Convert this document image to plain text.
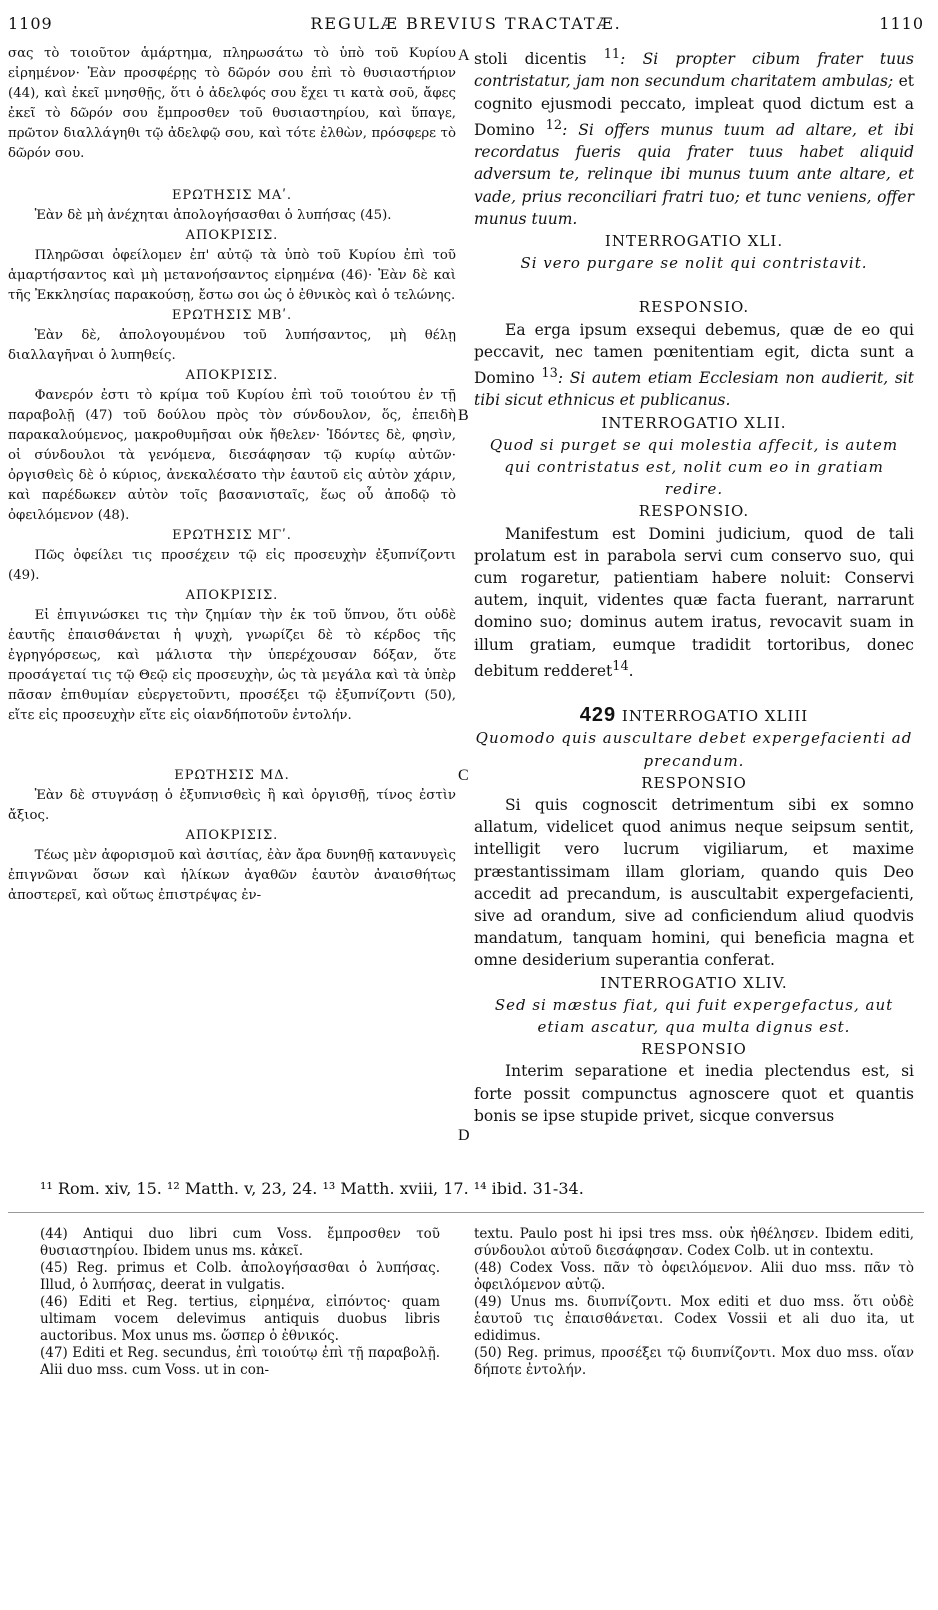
1109	REGULÆ BREVIUS TRACTATÆ.	1110

σας τὸ τοιοῦτον ἁμάρτημα, πληρωσάτω τὸ ὑπὸ τοῦ Κυρίου εἰρημένον· Ἐὰν προσφέρῃς τὸ δῶρόν σου ἐπὶ τὸ θυσιαστήριον (44), καὶ ἐκεῖ μνησθῇς, ὅτι ὁ ἀδελφός σου ἔχει τι κατὰ σοῦ, ἄφες ἐκεῖ τὸ δῶρόν σου ἔμπροσθεν τοῦ θυσιαστηρίου, καὶ ὕπαγε, πρῶτον διαλλάγηθι τῷ ἀδελφῷ σου, καὶ τότε ἐλθὼν, πρόσφερε τὸ δῶρόν σου.

ΕΡΩΤΗΣΙΣ ΜΑʹ.

Ἐὰν δὲ μὴ ἀνέχηται ἀπολογήσασθαι ὁ λυπήσας (45).

ΑΠΟΚΡΙΣΙΣ.

Πληρῶσαι ὀφείλομεν ἐπ' αὐτῷ τὰ ὑπὸ τοῦ Κυρίου ἐπὶ τοῦ ἁμαρτήσαντος καὶ μὴ μετανοήσαντος εἰρημένα (46)· Ἐὰν δὲ καὶ τῆς Ἐκκλησίας παρακούσῃ, ἔστω σοι ὡς ὁ ἐθνικὸς καὶ ὁ τελώνης.

ΕΡΩΤΗΣΙΣ ΜΒʹ.

Ἐὰν δὲ, ἀπολογουμένου τοῦ λυπήσαντος, μὴ θέλῃ διαλλαγῆναι ὁ λυπηθείς.

ΑΠΟΚΡΙΣΙΣ.

Φανερόν ἐστι τὸ κρίμα τοῦ Κυρίου ἐπὶ τοῦ τοιούτου ἐν τῇ παραβολῇ (47) τοῦ δούλου πρὸς τὸν σύνδουλον, ὅς, ἐπειδὴ παρακαλούμενος, μακροθυμῆσαι οὐκ ἤθελεν· Ἰδόντες δὲ, φησὶν, οἱ σύνδουλοι τὰ γενόμενα, διεσάφησαν τῷ κυρίῳ αὐτῶν· ὀργισθεὶς δὲ ὁ κύριος, ἀνεκαλέσατο τὴν ἑαυτοῦ εἰς αὐτὸν χάριν, καὶ παρέδωκεν αὐτὸν τοῖς βασανισταῖς, ἕως οὗ ἀποδῷ τὸ ὀφειλόμενον (48).

ΕΡΩΤΗΣΙΣ ΜΓʹ.

Πῶς ὀφείλει τις προσέχειν τῷ εἰς προσευχὴν ἐξυπνίζοντι (49).

ΑΠΟΚΡΙΣΙΣ.

Εἰ ἐπιγινώσκει τις τὴν ζημίαν τὴν ἐκ τοῦ ὕπνου, ὅτι οὐδὲ ἑαυτῆς ἐπαισθάνεται ἡ ψυχὴ, γνωρίζει δὲ τὸ κέρδος τῆς ἐγρηγόρσεως, καὶ μάλιστα τὴν ὑπερέχουσαν δόξαν, ὅτε προσάγεταί τις τῷ Θεῷ εἰς προσευχὴν, ὡς τὰ μεγάλα καὶ τὰ ὑπὲρ πᾶσαν ἐπιθυμίαν εὐεργετοῦντι, προσέξει τῷ ἐξυπνίζοντι (50), εἴτε εἰς προσευχὴν εἴτε εἰς οἱανδήποτοῦν ἐντολήν.

ΕΡΩΤΗΣΙΣ ΜΔ.

Ἐὰν δὲ στυγνάσῃ ὁ ἐξυπνισθεὶς ἢ καὶ ὀργισθῇ, τίνος ἐστὶν ἄξιος.

ΑΠΟΚΡΙΣΙΣ.

Τέως μὲν ἀφορισμοῦ καὶ ἀσιτίας, ἐὰν ἄρα δυνηθῇ κατανυγεὶς ἐπιγνῶναι ὅσων καὶ ἡλίκων ἀγαθῶν ἑαυτὸν ἀναισθήτως ἀποστερεῖ, καὶ οὕτως ἐπιστρέψας ἐν-

A
B
C
D

stoli dicentis $^{11}$: Si propter cibum frater tuus contristatur, jam non secundum charitatem ambulas; et cognito ejusmodi peccato, impleat quod dictum est a Domino $^{12}$: Si offers munus tuum ad altare, et ibi recordatus fueris quia frater tuus habet aliquid adversum te, relinque ibi munus tuum ante altare, et vade, prius reconciliari fratri tuo; et tunc veniens, offer munus tuum.

INTERROGATIO XLI.

Si vero purgare se nolit qui contristavit.

RESPONSIO.

Ea erga ipsum exsequi debemus, quæ de eo qui peccavit, nec tamen pœnitentiam egit, dicta sunt a Domino $^{13}$: Si autem etiam Ecclesiam non audierit, sit tibi sicut ethnicus et publicanus.

INTERROGATIO XLII.

Quod si purget se qui molestia affecit, is autem qui contristatus est, nolit cum eo in gratiam redire.

RESPONSIO.

Manifestum est Domini judicium, quod de tali prolatum est in parabola servi cum conservo suo, qui cum rogaretur, patientiam habere noluit: Conservi autem, inquit, videntes quæ facta fuerant, narrarunt domino suo; dominus autem iratus, revocavit suam in illum gratiam, eumque tradidit tortoribus, donec debitum redderet$^{14}$.

429 INTERROGATIO XLIII

Quomodo quis auscultare debet expergefacienti ad precandum.

RESPONSIO

Si quis cognoscit detrimentum sibi ex somno allatum, videlicet quod animus neque seipsum sentit, intelligit vero lucrum vigiliarum, et maxime præstantissimam illam gloriam, quando quis Deo accedit ad precandum, is auscultabit expergefacienti, sive ad orandum, sive ad conficiendum aliud quodvis mandatum, tanquam homini, qui beneficia magna et omne desiderium superantia conferat.

INTERROGATIO XLIV.

Sed si mæstus fiat, qui fuit expergefactus, aut etiam ascatur, qua multa dignus est.

RESPONSIO

Interim separatione et inedia plectendus est, si forte possit compunctus agnoscere quot et quantis bonis se ipse stupide privet, sicque conversus

¹¹ Rom. xiv, 15. ¹² Matth. v, 23, 24. ¹³ Matth. xviii, 17. ¹⁴ ibid. 31-34.

(44) Antiqui duo libri cum Voss. ἔμπροσθεν τοῦ θυσιαστηρίου. Ibidem unus ms. κἀκεῖ.

(45) Reg. primus et Colb. ἀπολογήσασθαι ὁ λυπήσας. Illud, ὁ λυπήσας, deerat in vulgatis.

(46) Editi et Reg. tertius, εἰρημένα, εἰπόντος· quam ultimam vocem delevimus antiquis duobus libris auctoribus. Mox unus ms. ὥσπερ ὁ ἐθνικός.

(47) Editi et Reg. secundus, ἐπὶ τοιούτῳ ἐπὶ τῇ παραβολῇ. Alii duo mss. cum Voss. ut in con-

textu. Paulo post hi ipsi tres mss. οὐκ ἠθέλησεν. Ibidem editi, σύνδουλοι αὐτοῦ διεσάφησαν. Codex Colb. ut in contextu.

(48) Codex Voss. πᾶν τὸ ὀφειλόμενον. Alii duo mss. πᾶν τὸ ὀφειλόμενον αὐτῷ.

(49) Unus ms. διυπνίζοντι. Mox editi et duo mss. ὅτι οὐδὲ ἑαυτοῦ τις ἐπαισθάνεται. Codex Vossii et ali duo ita, ut edidimus.

(50) Reg. primus, προσέξει τῷ διυπνίζοντι. Mox duo mss. οἵαν δήποτε ἐντολήν.
